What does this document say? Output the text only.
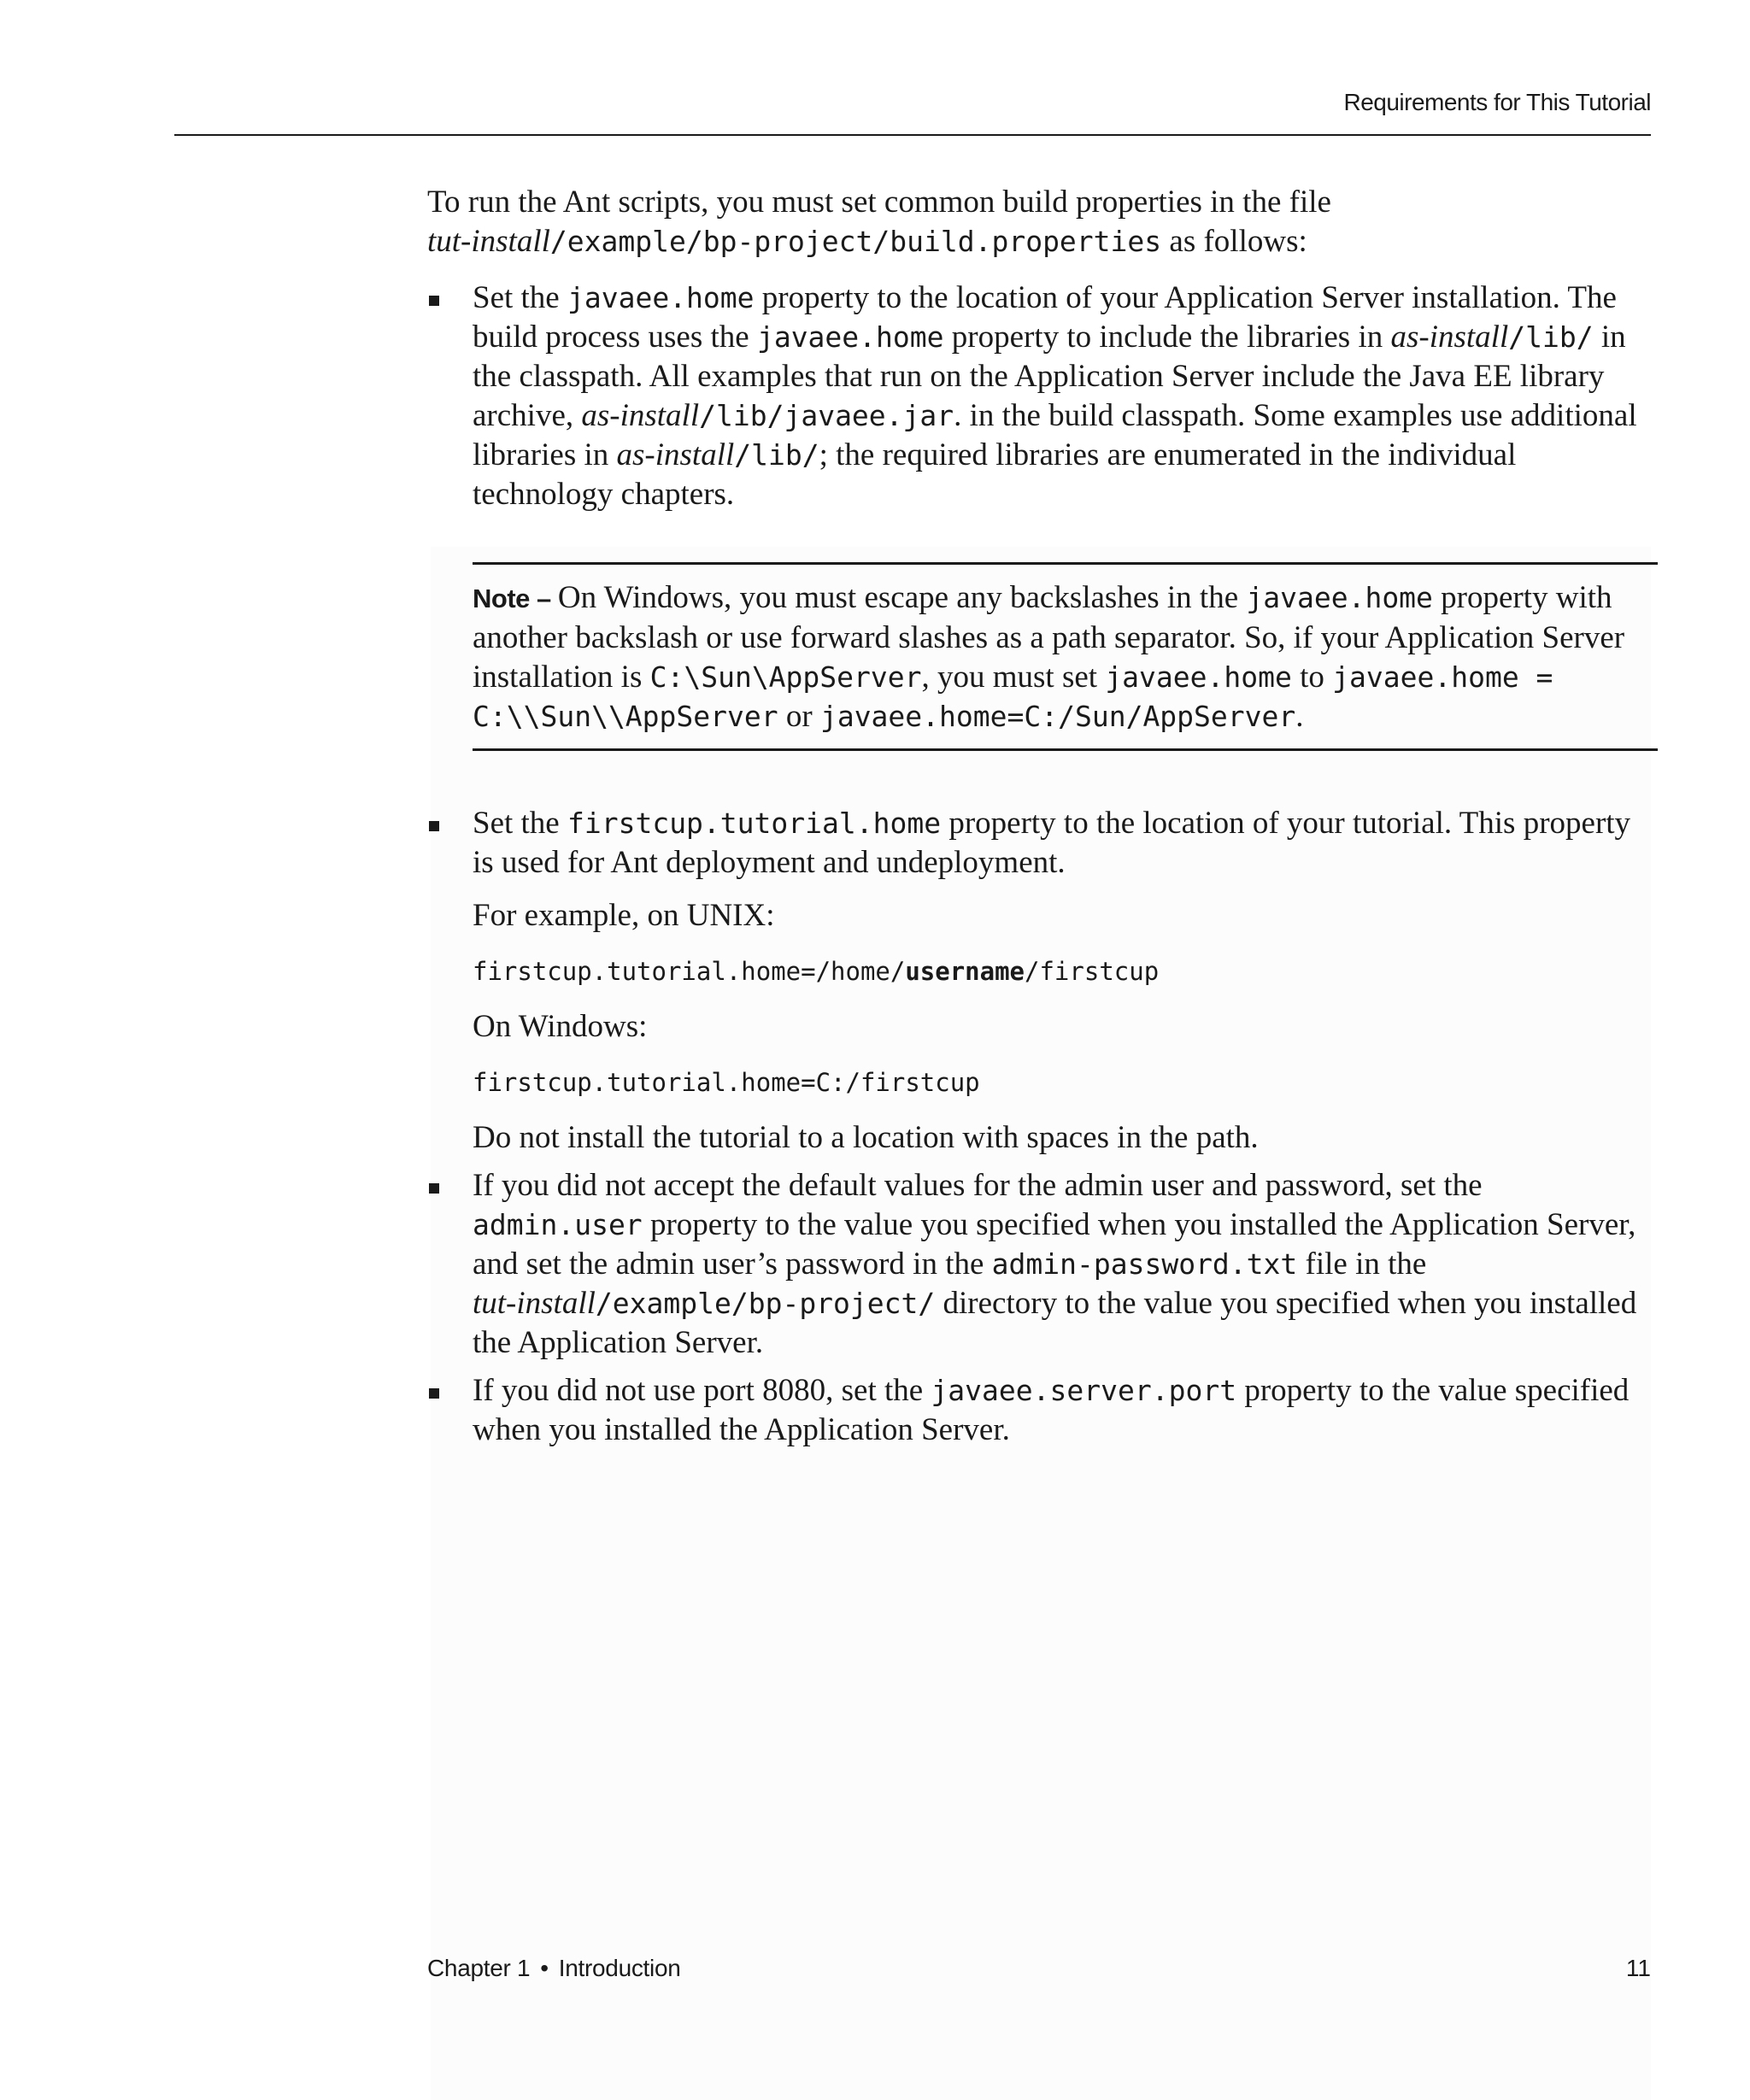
Requirements for This Tutorial

To run the Ant scripts, you must set common build properties in the file
tut-install/example/bp-project/build.properties as follows:

Set the javaee.home property to the location of your Application Server installation. The build process uses the javaee.home property to include the libraries in as-install/lib/ in the classpath. All examples that run on the Application Server include the Java EE library archive, as-install/lib/javaee.jar. in the build classpath. Some examples use additional libraries in as-install/lib/; the required libraries are enumerated in the individual technology chapters.
Note – On Windows, you must escape any backslashes in the javaee.home property with another backslash or use forward slashes as a path separator. So, if your Application Server installation is C:\Sun\AppServer, you must set javaee.home to javaee.home = C:\\Sun\\AppServer or javaee.home=C:/Sun/AppServer.
Set the firstcup.tutorial.home property to the location of your tutorial. This property is used for Ant deployment and undeployment.

For example, on UNIX:

firstcup.tutorial.home=/home/username/firstcup

On Windows:

firstcup.tutorial.home=C:/firstcup

Do not install the tutorial to a location with spaces in the path.

If you did not accept the default values for the admin user and password, set the admin.user property to the value you specified when you installed the Application Server, and set the admin user’s password in the admin-password.txt file in the
tut-install/example/bp-project/ directory to the value you specified when you installed the Application Server.
If you did not use port 8080, set the javaee.server.port property to the value specified when you installed the Application Server.
Chapter 1 • Introduction	11
